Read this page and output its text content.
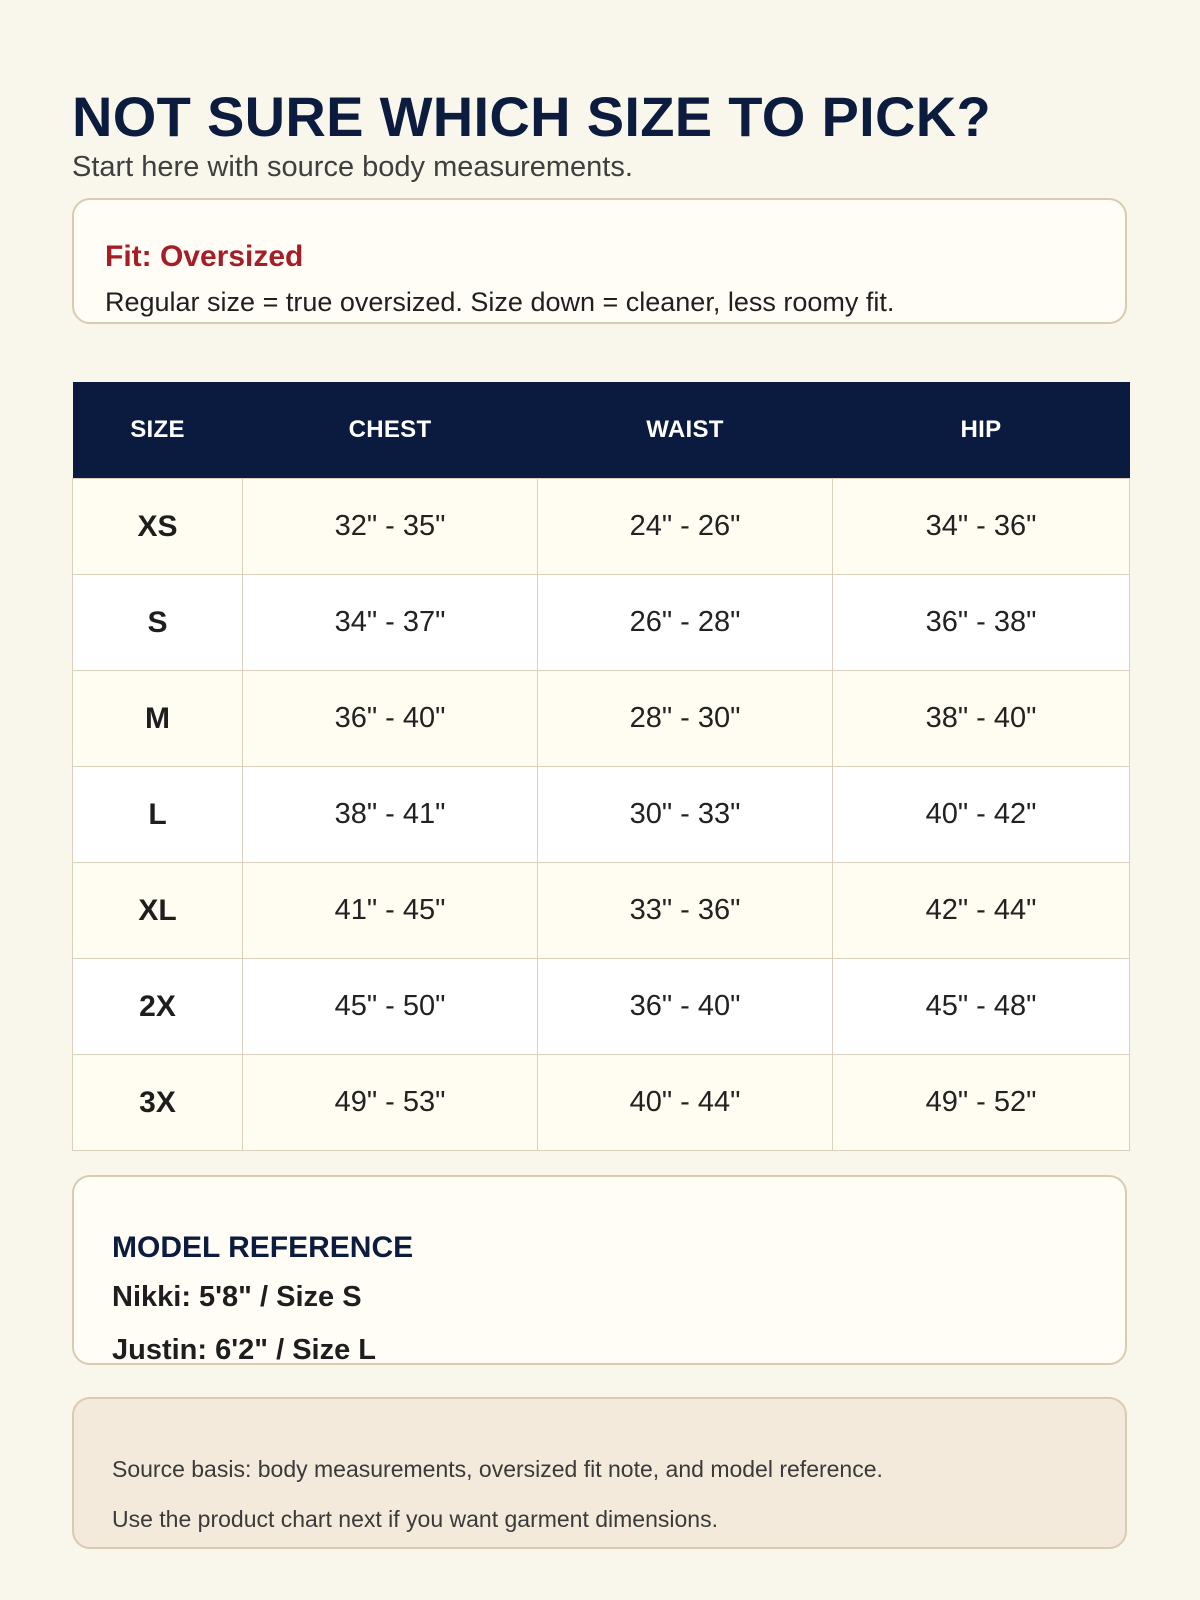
NOT SURE WHICH SIZE TO PICK?
Start here with source body measurements.
Fit: Oversized
Regular size = true oversized. Size down = cleaner, less roomy fit.
SIZE	CHEST	WAIST	HIP
XS	32" - 35"	24" - 26"	34" - 36"
S	34" - 37"	26" - 28"	36" - 38"
M	36" - 40"	28" - 30"	38" - 40"
L	38" - 41"	30" - 33"	40" - 42"
XL	41" - 45"	33" - 36"	42" - 44"
2X	45" - 50"	36" - 40"	45" - 48"
3X	49" - 53"	40" - 44"	49" - 52"
MODEL REFERENCE
Nikki: 5'8" / Size S
Justin: 6'2" / Size L
Source basis: body measurements, oversized fit note, and model reference.
Use the product chart next if you want garment dimensions.
